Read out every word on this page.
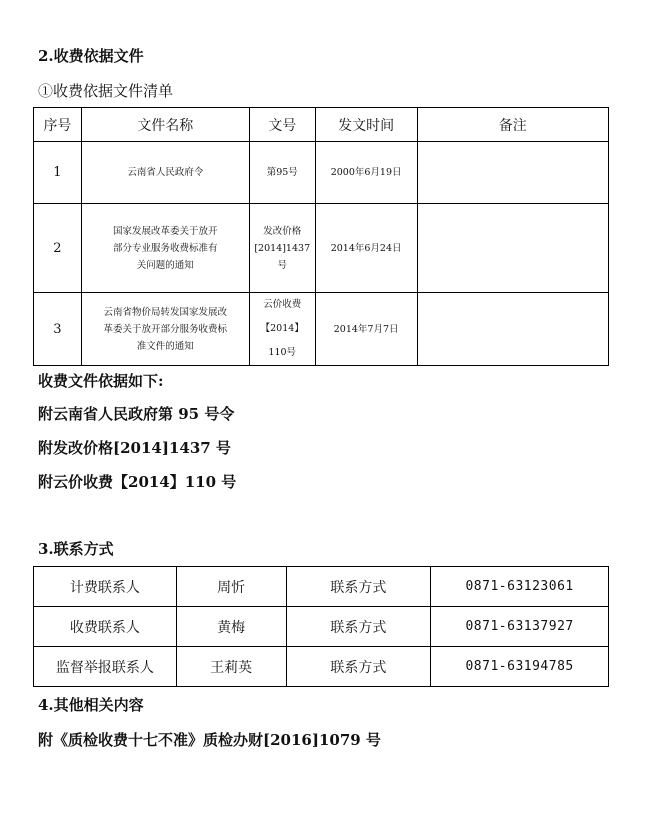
2.收费依据文件
①收费依据文件清单
序号	文件名称	文号	发文时间	备注
1	云南省人民政府令	第95号	2000年6月19日	
2	国家发展改革委关于放开部分专业服务收费标准有关问题的通知	发改价格[2014]1437号	2014年6月24日	
3	云南省物价局转发国家发展改革委关于放开部分服务收费标准文件的通知	云价收费【2014】110号	2014年7月7日	
收费文件依据如下:
附云南省人民政府第 95 号令
附发改价格[2014]1437 号
附云价收费【2014】110 号
3.联系方式
计费联系人	周忻	联系方式	0871-63123061
收费联系人	黄梅	联系方式	0871-63137927
监督举报联系人	王莉英	联系方式	0871-63194785
4.其他相关内容
附《质检收费十七不准》质检办财[2016]1079 号
